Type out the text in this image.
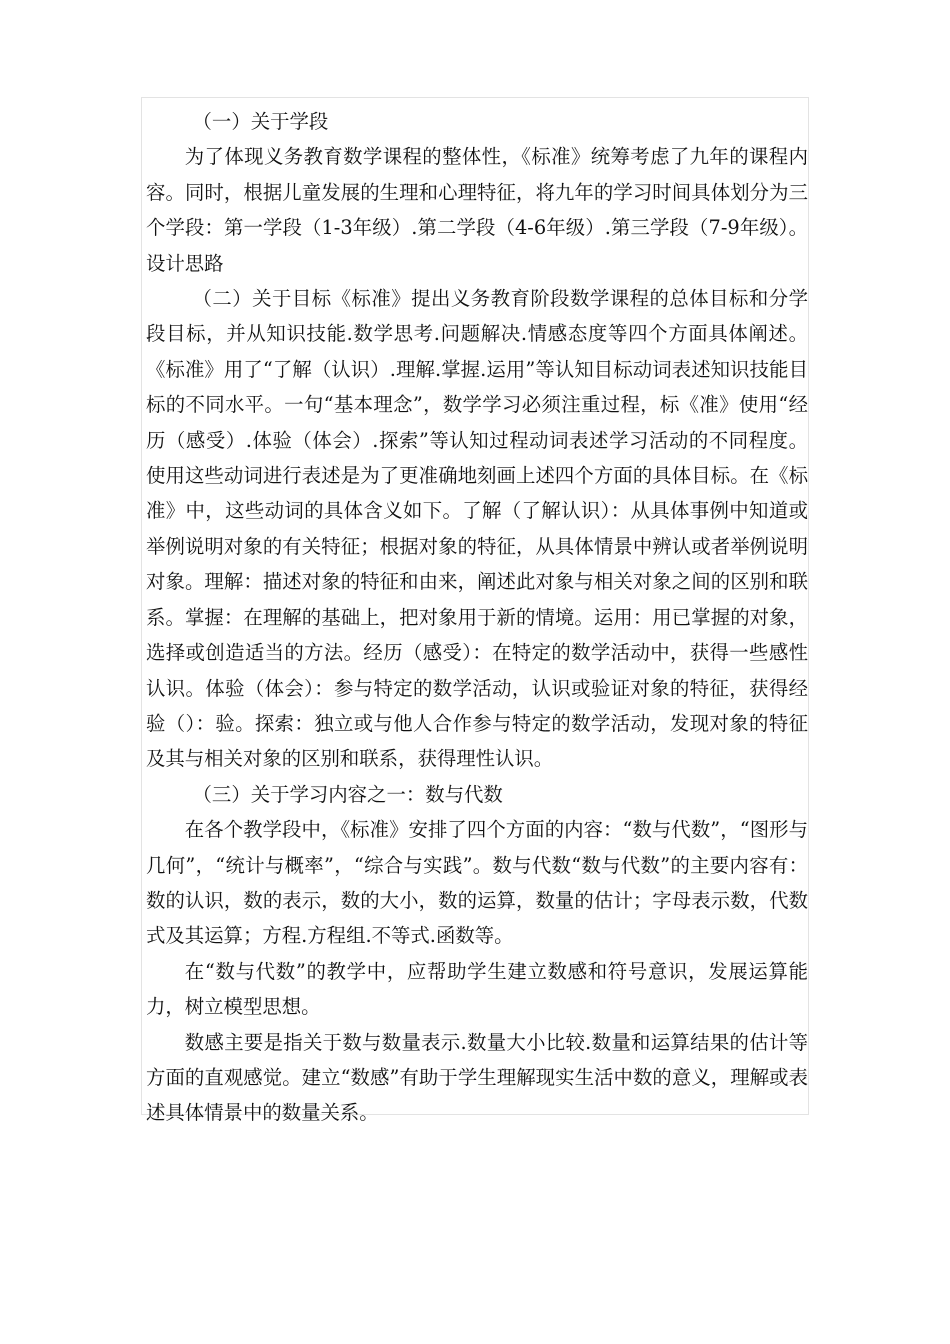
（一）关于学段

为了体现义务教育数学课程的整体性，《标准》统筹考虑了九年的课程内容。同时，根据儿童发展的生理和心理特征，将九年的学习时间具体划分为三个学段：第一学段（1-3年级）.第二学段（4-6年级）.第三学段（7-9年级）。设计思路

（二）关于目标《标准》提出义务教育阶段数学课程的总体目标和分学段目标，并从知识技能.数学思考.问题解决.情感态度等四个方面具体阐述。《标准》用了“了解（认识）.理解.掌握.运用”等认知目标动词表述知识技能目标的不同水平。一句“基本理念”，数学学习必须注重过程，标《准》使用“经历（感受）.体验（体会）.探索”等认知过程动词表述学习活动的不同程度。使用这些动词进行表述是为了更准确地刻画上述四个方面的具体目标。在《标准》中，这些动词的具体含义如下。了解（了解认识）：从具体事例中知道或举例说明对象的有关特征；根据对象的特征，从具体情景中辨认或者举例说明对象。理解：描述对象的特征和由来，阐述此对象与相关对象之间的区别和联系。掌握：在理解的基础上，把对象用于新的情境。运用：用已掌握的对象，选择或创造适当的方法。经历（感受）：在特定的数学活动中，获得一些感性认识。体验（体会）：参与特定的数学活动，认识或验证对象的特征，获得经验（）：验。探索：独立或与他人合作参与特定的数学活动，发现对象的特征及其与相关对象的区别和联系，获得理性认识。

（三）关于学习内容之一：数与代数

在各个教学段中，《标准》安排了四个方面的内容：“数与代数”，“图形与几何”，“统计与概率”，“综合与实践”。数与代数“数与代数”的主要内容有：数的认识，数的表示，数的大小，数的运算，数量的估计；字母表示数，代数式及其运算；方程.方程组.不等式.函数等。

在“数与代数”的教学中，应帮助学生建立数感和符号意识，发展运算能力，树立模型思想。

数感主要是指关于数与数量表示.数量大小比较.数量和运算结果的估计等方面的直观感觉。建立“数感”有助于学生理解现实生活中数的意义，理解或表述具体情景中的数量关系。
